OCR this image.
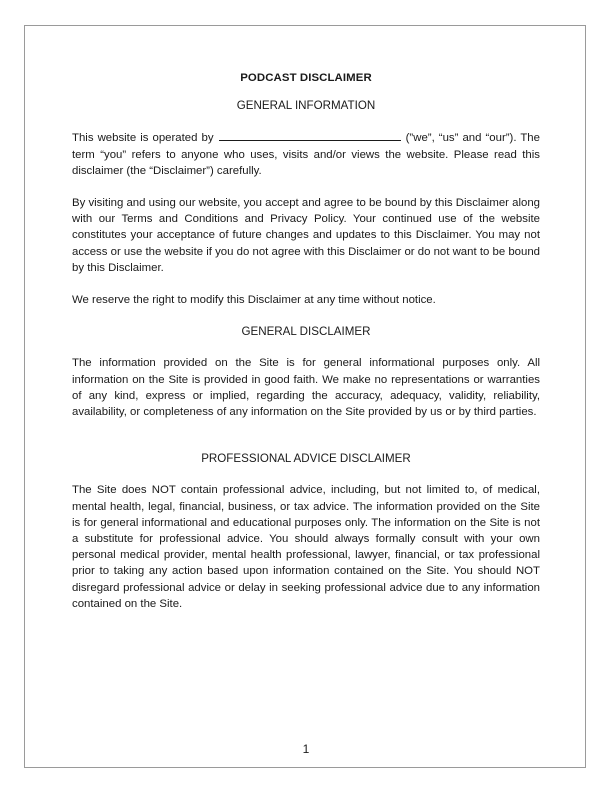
PODCAST DISCLAIMER
GENERAL INFORMATION

This website is operated by	(”we”, “us” and “our”). The term “you” refers to anyone who uses, visits and/or views the website. Please read this disclaimer (the “Disclaimer”) carefully.

By visiting and using our website, you accept and agree to be bound by this Disclaimer along with our Terms and Conditions and Privacy Policy. Your continued use of the website constitutes your acceptance of future changes and updates to this Disclaimer. You may not access or use the website if you do not agree with this Disclaimer or do not want to be bound by this Disclaimer.

We reserve the right to modify this Disclaimer at any time without notice.

GENERAL DISCLAIMER

The information provided on the Site is for general informational purposes only. All information on the Site is provided in good faith. We make no representations or warranties of any kind, express or implied, regarding the accuracy, adequacy, validity, reliability, availability, or completeness of any information on the Site provided by us or by third parties.

PROFESSIONAL ADVICE DISCLAIMER

The Site does NOT contain professional advice, including, but not limited to, of medical, mental health, legal, financial, business, or tax advice. The information provided on the Site is for general informational and educational purposes only. The information on the Site is not a substitute for professional advice. You should always formally consult with your own personal medical provider, mental health professional, lawyer, financial, or tax professional prior to taking any action based upon information contained on the Site. You should NOT disregard professional advice or delay in seeking professional advice due to any information contained on the Site.

1
